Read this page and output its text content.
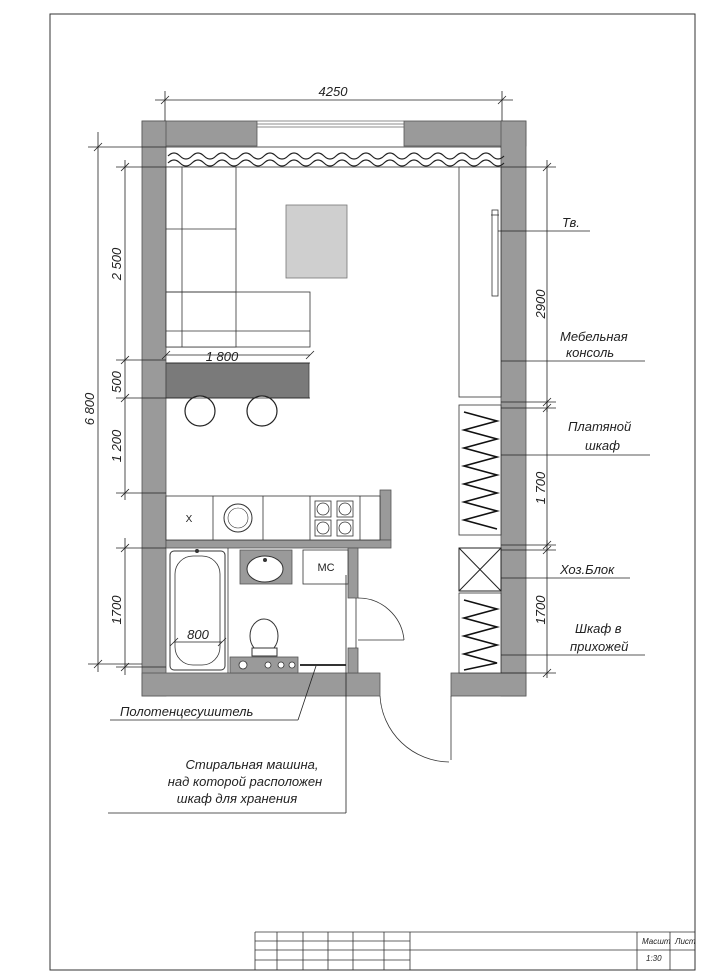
X
МС
4250
6 800
2 500
500
1 200
1700
1 800
800
2900
1 700
1700
Тв.
Мебельная
консоль
Платяной
шкаф
Хоз.Блок
Шкаф в
прихожей
Полотенцесушитель
Стиральная машина,
над которой расположен
шкаф для хранения
Масшт Лист
1:30
